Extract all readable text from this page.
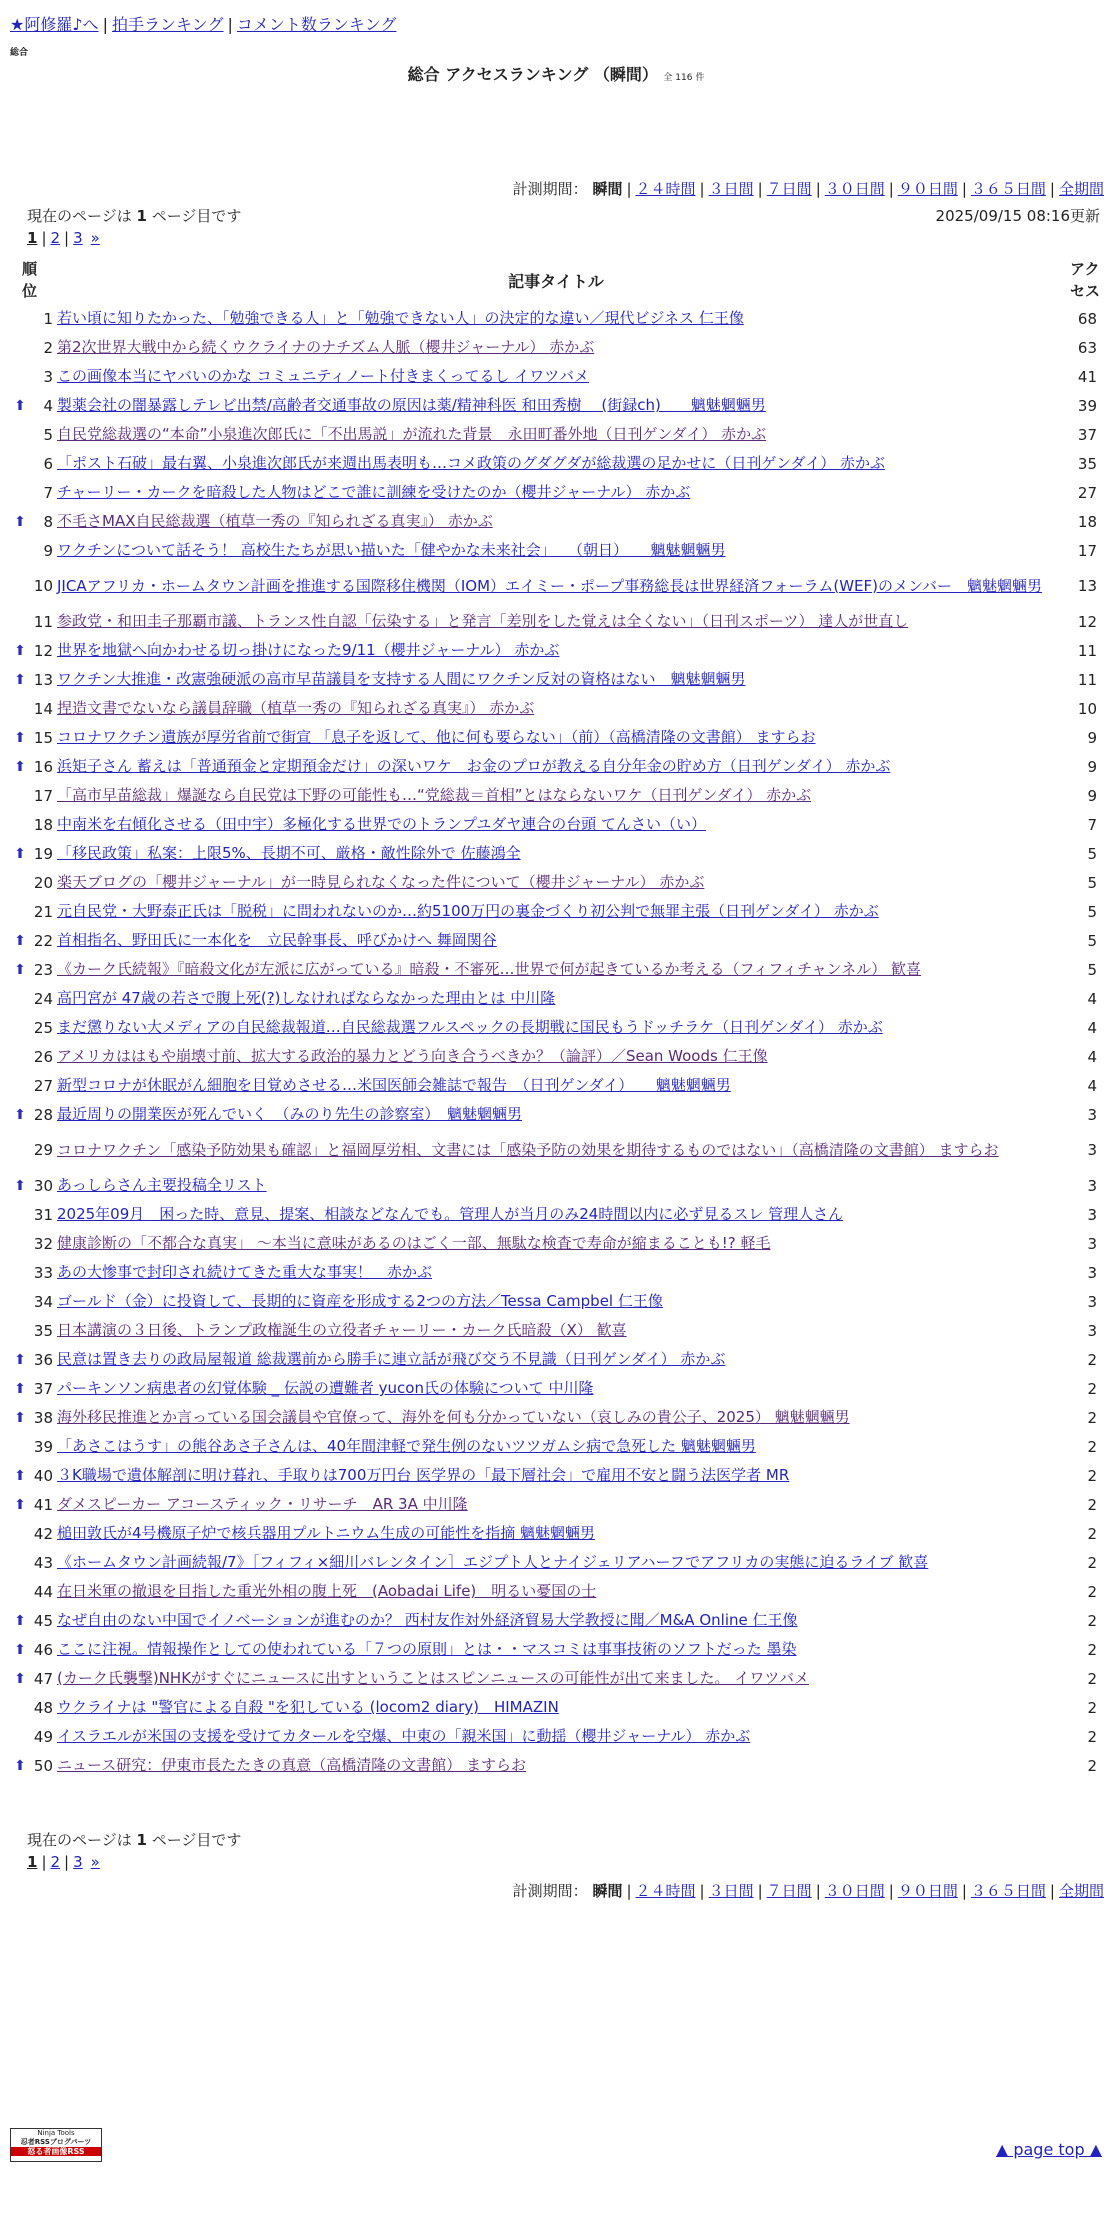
★阿修羅♪へ | 拍手ランキング | コメント数ランキング
総合
総合 アクセスランキング （瞬間） 全 116 件
計測期間： 瞬間 | ２４時間 | ３日間 | ７日間 | ３０日間 | ９０日間 | ３６５日間 | 全期間
現在のページは 1 ページ目です	2025/09/15 08:16更新
1 | 2 | 3 »
順
位	記事タイトル
アク
セス
1 若い頃に知りたかった、「勉強できる人」と「勉強できない人」の決定的な違い／現代ビジネス 仁王像	68
2 第2次世界大戦中から続くウクライナのナチズム人脈（櫻井ジャーナル） 赤かぶ	63
3 この画像本当にヤバいのかな コミュニティノート付きまくってるし イワツバメ	41
⬆	4 製薬会社の闇暴露しテレビ出禁/高齢者交通事故の原因は薬/精神科医 和田秀樹 　(街録ch)　　魑魅魍魎男	39
5 自民党総裁選の“本命”小泉進次郎氏に「不出馬説」が流れた背景　永田町番外地（日刊ゲンダイ） 赤かぶ	37
6 「ポスト石破」最右翼、小泉進次郎氏が来週出馬表明も…コメ政策のグダグダが総裁選の足かせに（日刊ゲンダイ） 赤かぶ	35
7 チャーリー・カークを暗殺した人物はどこで誰に訓練を受けたのか（櫻井ジャーナル） 赤かぶ	27
⬆	8 不毛さMAX自民総裁選（植草一秀の『知られざる真実』） 赤かぶ	18
9 ワクチンについて話そう！ 高校生たちが思い描いた「健やかな未来社会」 　（朝日）　　魑魅魍魎男	17
10 JICAアフリカ・ホームタウン計画を推進する国際移住機関（IOM）エイミー・ポープ事務総長は世界経済フォーラム(WEF)のメンバー　魑魅魍魎男	13
11 参政党・和田圭子那覇市議、トランス性自認「伝染する」と発言「差別をした覚えは全くない」（日刊スポーツ） 達人が世直し	12
⬆ 12 世界を地獄へ向かわせる切っ掛けになった9/11（櫻井ジャーナル） 赤かぶ	11
⬆ 13 ワクチン大推進・改憲強硬派の高市早苗議員を支持する人間にワクチン反対の資格はない　魑魅魍魎男	11
14 捏造文書でないなら議員辞職（植草一秀の『知られざる真実』） 赤かぶ	10
⬆ 15 コロナワクチン遺族が厚労省前で街宣 「息子を返して、他に何も要らない」（前）（高橋清隆の文書館） ますらお	9
⬆ 16 浜矩子さん 蓄えは「普通預金と定期預金だけ」の深いワケ　お金のプロが教える自分年金の貯め方（日刊ゲンダイ） 赤かぶ	9
17 「高市早苗総裁」爆誕なら自民党は下野の可能性も…“党総裁＝首相”とはならないワケ（日刊ゲンダイ） 赤かぶ	9
18 中南米を右傾化させる（田中宇）多極化する世界でのトランプユダヤ連合の台頭 てんさい（い）	7
⬆ 19 「移民政策」私案：上限5%、長期不可、厳格・敵性除外で 佐藤鴻全	5
20 楽天ブログの「櫻井ジャーナル」が一時見られなくなった件について（櫻井ジャーナル） 赤かぶ	5
21 元自民党・大野泰正氏は「脱税」に問われないのか…約5100万円の裏金づくり初公判で無罪主張（日刊ゲンダイ） 赤かぶ	5
⬆ 22 首相指名、野田氏に一本化を　立民幹事長、呼びかけへ 舞岡関谷	5
⬆ 23 《カーク氏続報》『暗殺文化が左派に広がっている』暗殺・不審死…世界で何が起きているか考える（フィフィチャンネル） 歓喜	5
24 高円宮が 47歳の若さで腹上死(?)しなければならなかった理由とは 中川隆	4
25 まだ懲りない大メディアの自民総裁報道…自民総裁選フルスペックの長期戦に国民もうドッチラケ（日刊ゲンダイ） 赤かぶ	4
26 アメリカははもや崩壊寸前、拡大する政治的暴力とどう向き合うべきか？（論評）／Sean Woods 仁王像	4
27 新型コロナが休眠がん細胞を目覚めさせる…米国医師会雑誌で報告　（日刊ゲンダイ）　　魑魅魍魎男	4
⬆ 28 最近周りの開業医が死んでいく　（みのり先生の診察室）　魑魅魍魎男	3
29 コロナワクチン「感染予防効果も確認」と福岡厚労相、文書には「感染予防の効果を期待するものではない」（高橋清隆の文書館） ますらお	3
⬆ 30 あっしらさん主要投稿全リスト	3
31 2025年09月　困った時、意見、提案、相談などなんでも。管理人が当月のみ24時間以内に必ず見るスレ 管理人さん	3
32 健康診断の「不都合な真実」 ～本当に意味があるのはごく一部、無駄な検査で寿命が縮まることも!? 軽毛	3
33 あの大惨事で封印され続けてきた重大な事実！　赤かぶ	3
34 ゴールド（金）に投資して、長期的に資産を形成する2つの方法／Tessa Campbel 仁王像	3
35 日本講演の３日後、トランプ政権誕生の立役者チャーリー・カーク氏暗殺（X） 歓喜	3
⬆ 36 民意は置き去りの政局屋報道 総裁選前から勝手に連立話が飛び交う不見識（日刊ゲンダイ） 赤かぶ	2
⬆ 37 パーキンソン病患者の幻覚体験 _ 伝説の遭難者 yucon氏の体験について 中川隆	2
⬆ 38 海外移民推進とか言っている国会議員や官僚って、海外を何も分かっていない（哀しみの貴公子、2025） 魑魅魍魎男	2
39 「あさこはうす」の熊谷あさ子さんは、40年間津軽で発生例のないツツガムシ病で急死した 魑魅魍魎男	2
⬆ 40 ３K職場で遺体解剖に明け暮れ、手取りは700万円台 医学界の「最下層社会」で雇用不安と闘う法医学者 MR	2
⬆ 41 ダメスピーカー アコースティック・リサーチ　AR 3A 中川隆	2
42 槌田敦氏が4号機原子炉で核兵器用プルトニウム生成の可能性を指摘 魑魅魍魎男	2
43 《ホームタウン計画続報/7》［フィフィ×細川バレンタイン］エジプト人とナイジェリアハーフでアフリカの実態に迫るライブ 歓喜	2
44 在日米軍の撤退を目指した重光外相の腹上死　(Aobadai Life)　明るい憂国の士	2
⬆ 45 なぜ自由のない中国でイノベーションが進むのか？ 西村友作対外経済貿易大学教授に聞／M&A Online 仁王像	2
⬆ 46 ここに注視。情報操作としての使われている「７つの原則」とは・・マスコミは事事技術のソフトだった 墨染	2
⬆ 47 (カーク氏襲撃)NHKがすぐにニュースに出すということはスピンニュースの可能性が出て来ました。 イワツバメ	2
48 ウクライナは "警官による自殺 "を犯している (locom2 diary)　HIMAZIN	2
49 イスラエルが米国の支援を受けてカタールを空爆、中東の「親米国」に動揺（櫻井ジャーナル） 赤かぶ	2
⬆ 50 ニュース研究：伊東市長たたきの真意（高橋清隆の文書館） ますらお	2
現在のページは 1 ページ目です
1 | 2 | 3 »
計測期間： 瞬間 | ２４時間 | ３日間 | ７日間 | ３０日間 | ９０日間 | ３６５日間 | 全期間
Ninja Tools
忍者RSSブログパーツ
怒る者画像RSS	▲ page top ▲
